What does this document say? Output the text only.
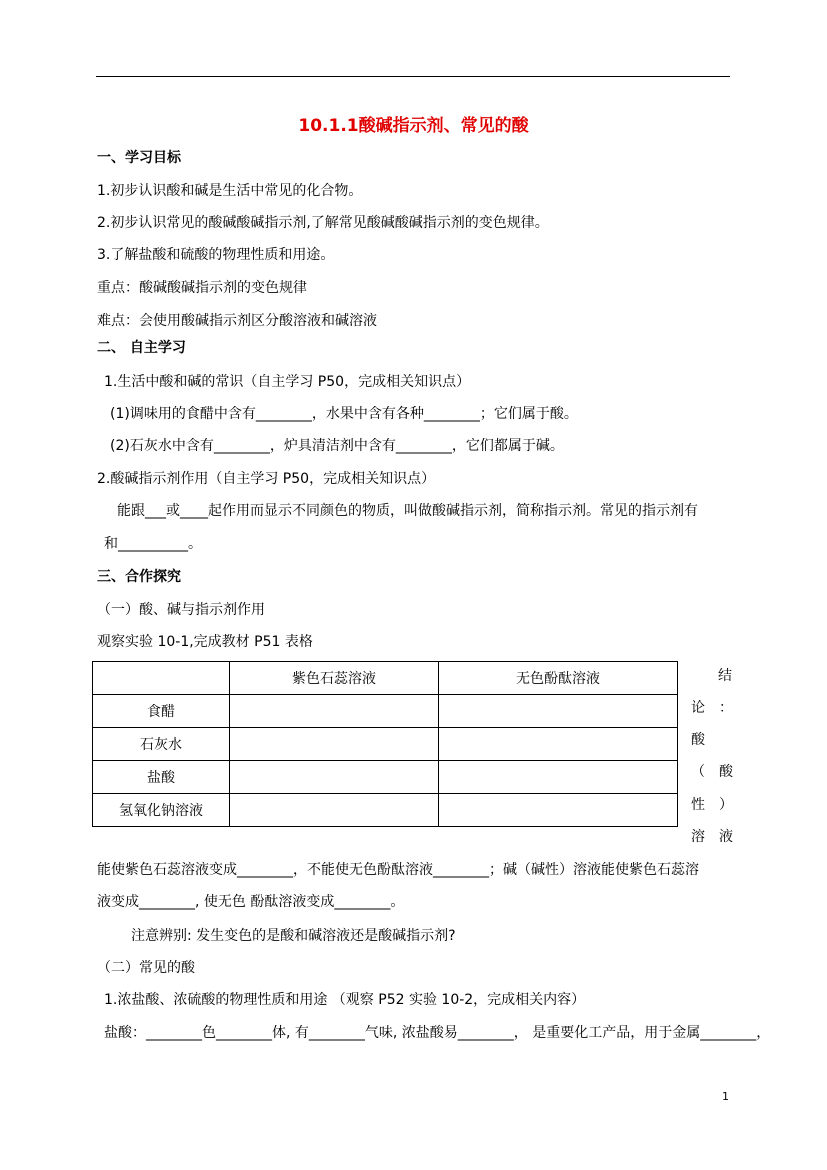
10.1.1酸碱指示剂、常见的酸
一、学习目标
1.初步认识酸和碱是生活中常见的化合物。
2.初步认识常见的酸碱酸碱指示剂,了解常见酸碱酸碱指示剂的变色规律。
3.了解盐酸和硫酸的物理性质和用途。
重点：酸碱酸碱指示剂的变色规律
难点：会使用酸碱指示剂区分酸溶液和碱溶液
二、 自主学习
1.生活中酸和碱的常识（自主学习 P50，完成相关知识点）
(1)调味用的食醋中含有________，水果中含有各种________；它们属于酸。
(2)石灰水中含有________，炉具清洁剂中含有________，它们都属于碱。
2.酸碱指示剂作用（自主学习 P50，完成相关知识点）
能跟___或____起作用而显示不同颜色的物质，叫做酸碱指示剂，简称指示剂。常见的指示剂有
和__________。
三、合作探究
（一）酸、碱与指示剂作用
观察实验 10-1,完成教材 P51 表格
	紫色石蕊溶液	无色酚酞溶液
食醋		
石灰水		
盐酸		
氢氧化钠溶液		
结
论　：
酸
（　酸
性　）
溶　液
能使紫色石蕊溶液变成________，不能使无色酚酞溶液________；碱（碱性）溶液能使紫色石蕊溶
液变成________, 使无色 酚酞溶液变成________。
注意辨别: 发生变色的是酸和碱溶液还是酸碱指示剂?
（二）常见的酸
1.浓盐酸、浓硫酸的物理性质和用途 （观察 P52 实验 10-2，完成相关内容）
盐酸：________色________体, 有________气味, 浓盐酸易________， 是重要化工产品，用于金属________，
1
